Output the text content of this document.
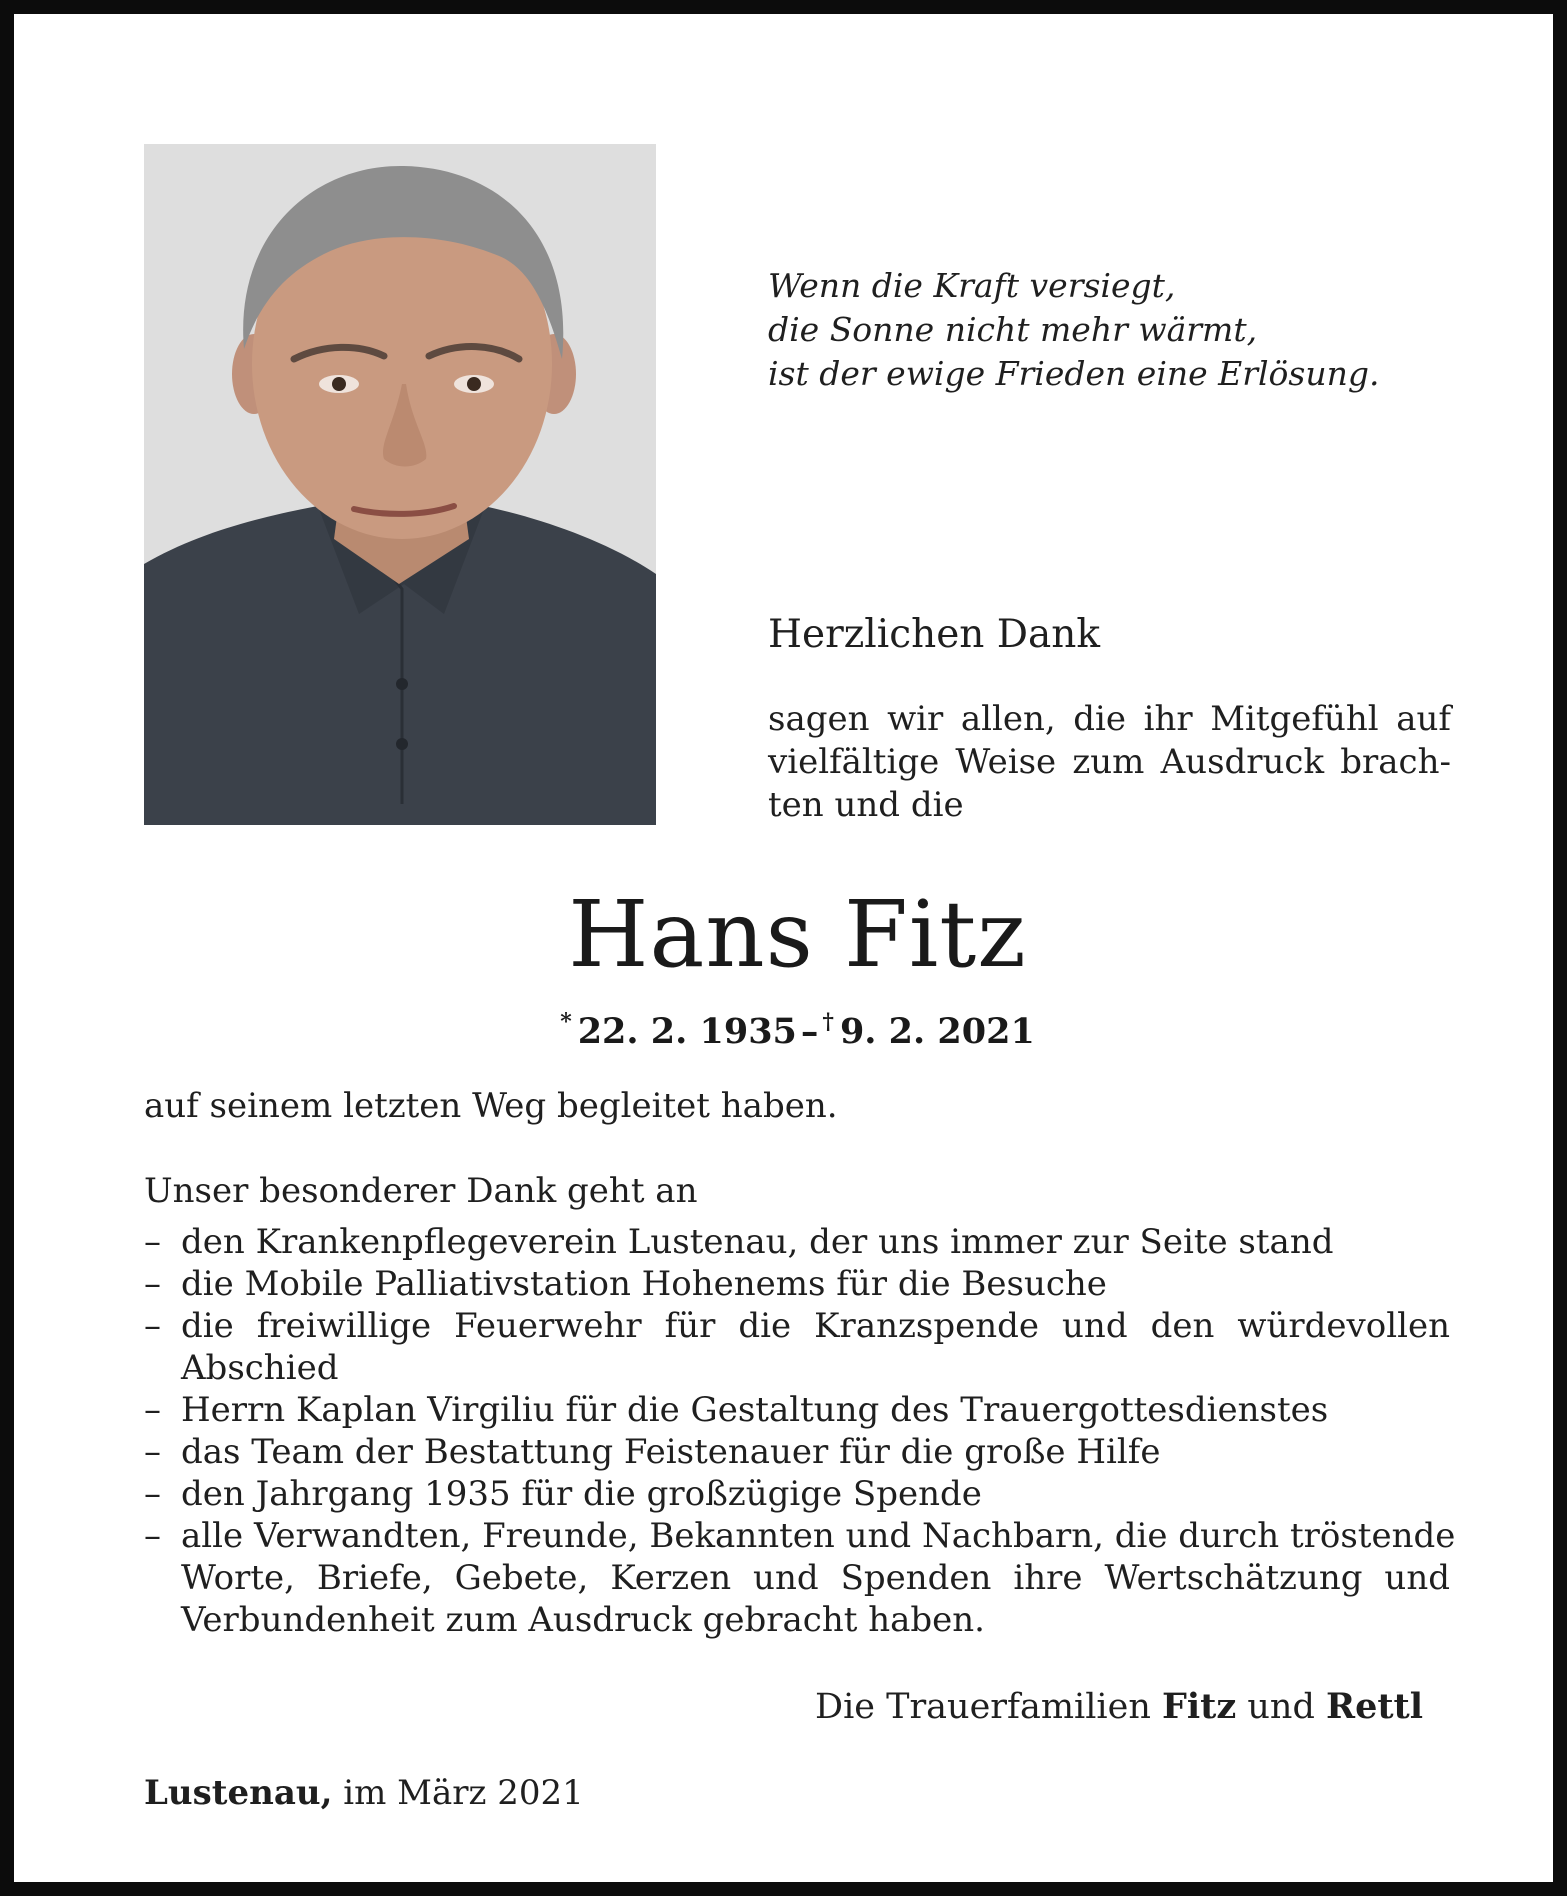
Wenn die Kraft versiegt,
die Sonne nicht mehr wärmt,
ist der ewige Frieden eine Erlösung.
Herzlichen Dank
sagen wir allen, die ihr Mitgefühl auf
vielfältige Weise zum Ausdruck brach-
ten und die
Hans Fitz
* 22. 2. 1935 – † 9. 2. 2021
auf seinem letzten Weg begleitet haben.
Unser besonderer Dank geht an
– den Krankenpflegeverein Lustenau, der uns immer zur Seite stand
– die Mobile Palliativstation Hohenems für die Besuche
– die freiwillige Feuerwehr für die Kranzspende und den würdevollen
Abschied
– Herrn Kaplan Virgiliu für die Gestaltung des Trauergottesdienstes
– das Team der Bestattung Feistenauer für die große Hilfe
– den Jahrgang 1935 für die großzügige Spende
– alle Verwandten, Freunde, Bekannten und Nachbarn, die durch tröstende
Worte, Briefe, Gebete, Kerzen und Spenden ihre Wertschätzung und
Verbundenheit zum Ausdruck gebracht haben.
Die Trauerfamilien Fitz und Rettl
Lustenau, im März 2021
